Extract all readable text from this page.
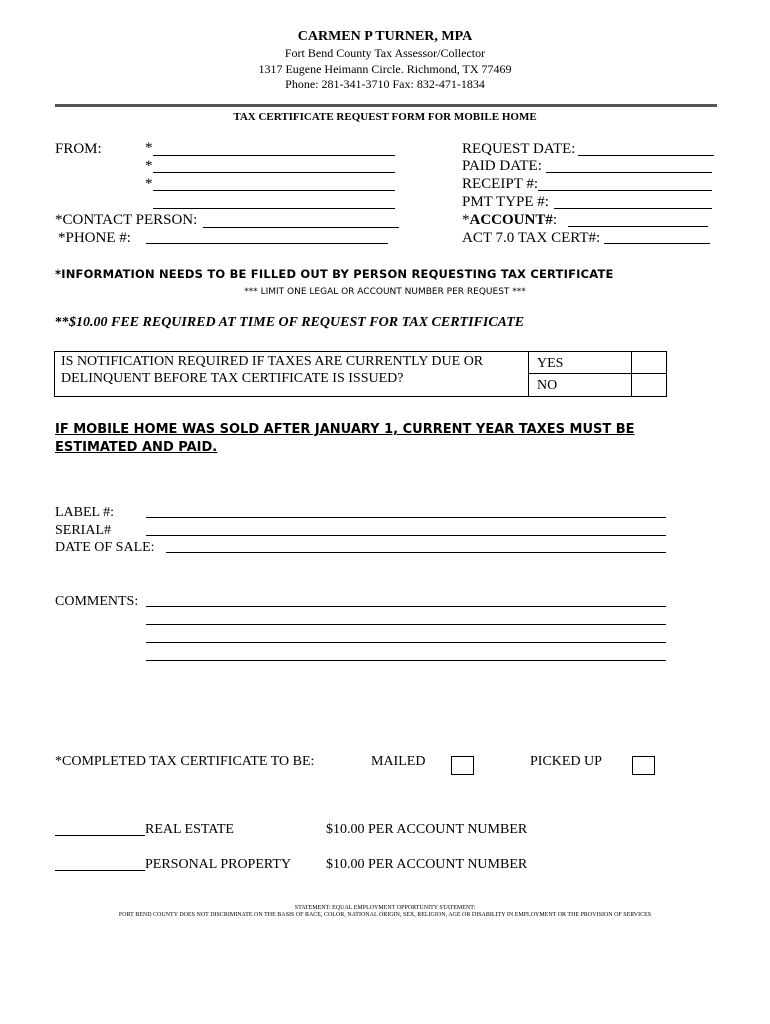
CARMEN P TURNER, MPA
Fort Bend County Tax Assessor/Collector
1317 Eugene Heimann Circle. Richmond, TX 77469
Phone: 281-341-3710 Fax: 832-471-1834
TAX CERTIFICATE REQUEST FORM FOR MOBILE HOME
FROM:	*
*
*
*CONTACT PERSON:
*PHONE #:
REQUEST DATE:
PAID DATE:
RECEIPT #:
PMT TYPE #:
*ACCOUNT#:
ACT 7.0 TAX CERT#:
*INFORMATION NEEDS TO BE FILLED OUT BY PERSON REQUESTING TAX CERTIFICATE
*** LIMIT ONE LEGAL OR ACCOUNT NUMBER PER REQUEST ***
**$10.00 FEE REQUIRED AT TIME OF REQUEST FOR TAX CERTIFICATE
IS NOTIFICATION REQUIRED IF TAXES ARE CURRENTLY DUE OR
DELINQUENT BEFORE TAX CERTIFICATE IS ISSUED?
YES
NO
IF MOBILE HOME WAS SOLD AFTER JANUARY 1, CURRENT YEAR TAXES MUST BE
ESTIMATED AND PAID.
LABEL #:
SERIAL#
DATE OF SALE:
COMMENTS:
*COMPLETED TAX CERTIFICATE TO BE:	MAILED	PICKED UP
REAL ESTATE	$10.00 PER ACCOUNT NUMBER
PERSONAL PROPERTY $10.00 PER ACCOUNT NUMBER
STATEMENT: EQUAL EMPLOYMENT OPPORTUNITY STATEMENT:
FORT BEND COUNTY DOES NOT DISCRIMINATE ON THE BASIS OF RACE, COLOR, NATIONAL ORIGIN, SEX, RELIGION, AGE OR DISABILITY IN EMPLOYMENT OR THE PROVISION OF SERVICES
